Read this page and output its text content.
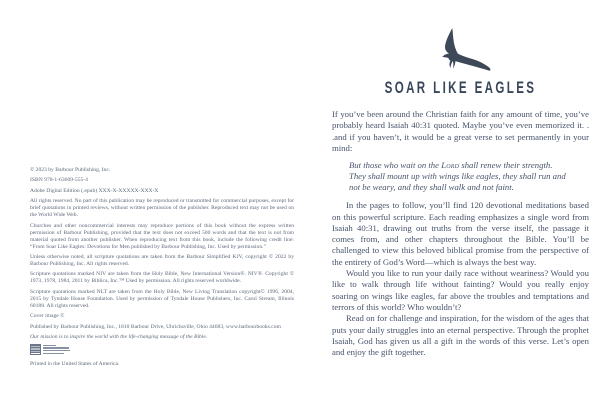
© 2023 by Barbour Publishing, Inc.

ISBN 978-1-63609-555-4

Adobe Digital Edition (.epub) XXX-X-XXXXX-XXX-X

All rights reserved. No part of this publication may be reproduced or transmitted for commercial purposes, except for brief quotations in printed reviews, without written permission of the publisher. Reproduced text may not be used on the World Wide Web.

Churches and other noncommercial interests may reproduce portions of this book without the express written permission of Barbour Publishing, provided that the text does not exceed 500 words and that the text is not from material quoted from another publisher. When reproducing text from this book, include the following credit line: “From Soar Like Eagles: Devotions for Men published by Barbour Publishing, Inc. Used by permission.”

Unless otherwise noted, all scripture quotations are taken from the Barbour Simplified KJV, copyright © 2022 by Barbour Publishing, Inc. All rights reserved.

Scripture quotations marked NIV are taken from the Holy Bible, New International Version®. NIV®. Copyright © 1973, 1978, 1984, 2011 by Biblica, Inc.™ Used by permission. All rights reserved worldwide.

Scripture quotations marked NLT are taken from the Holy Bible, New Living Translation copyright© 1996, 2004, 2015 by Tyndale House Foundation. Used by permission of Tyndale House Publishers, Inc. Carol Stream, Illinois 60188. All rights reserved.

Cover image ©

Published by Barbour Publishing, Inc., 1810 Barbour Drive, Uhrichsville, Ohio 44683, www.barbourbooks.com

Our mission is to inspire the world with the life-changing message of the Bible.

Printed in the United States of America.

SOAR LIKE EAGLES

If you’ve been around the Christian faith for any amount of time, you’ve probably heard Isaiah 40:31 quoted. Maybe you’ve even memorized it. . .and if you haven’t, it would be a great verse to set permanently in your mind:

But those who wait on the Lord shall renew their strength.
They shall mount up with wings like eagles, they shall run and
not be weary, and they shall walk and not faint.

In the pages to follow, you’ll find 120 devotional meditations based on this powerful scripture. Each reading emphasizes a single word from Isaiah 40:31, drawing out truths from the verse itself, the passage it comes from, and other chapters throughout the Bible. You’ll be challenged to view this beloved biblical promise from the perspective of the entirety of God’s Word—which is always the best way.

Would you like to run your daily race without weariness? Would you like to walk through life without fainting? Would you really enjoy soaring on wings like eagles, far above the troubles and temptations and terrors of this world? Who wouldn’t?

Read on for challenge and inspiration, for the wisdom of the ages that puts your daily struggles into an eternal perspective. Through the prophet Isaiah, God has given us all a gift in the words of this verse. Let’s open and enjoy the gift together.
